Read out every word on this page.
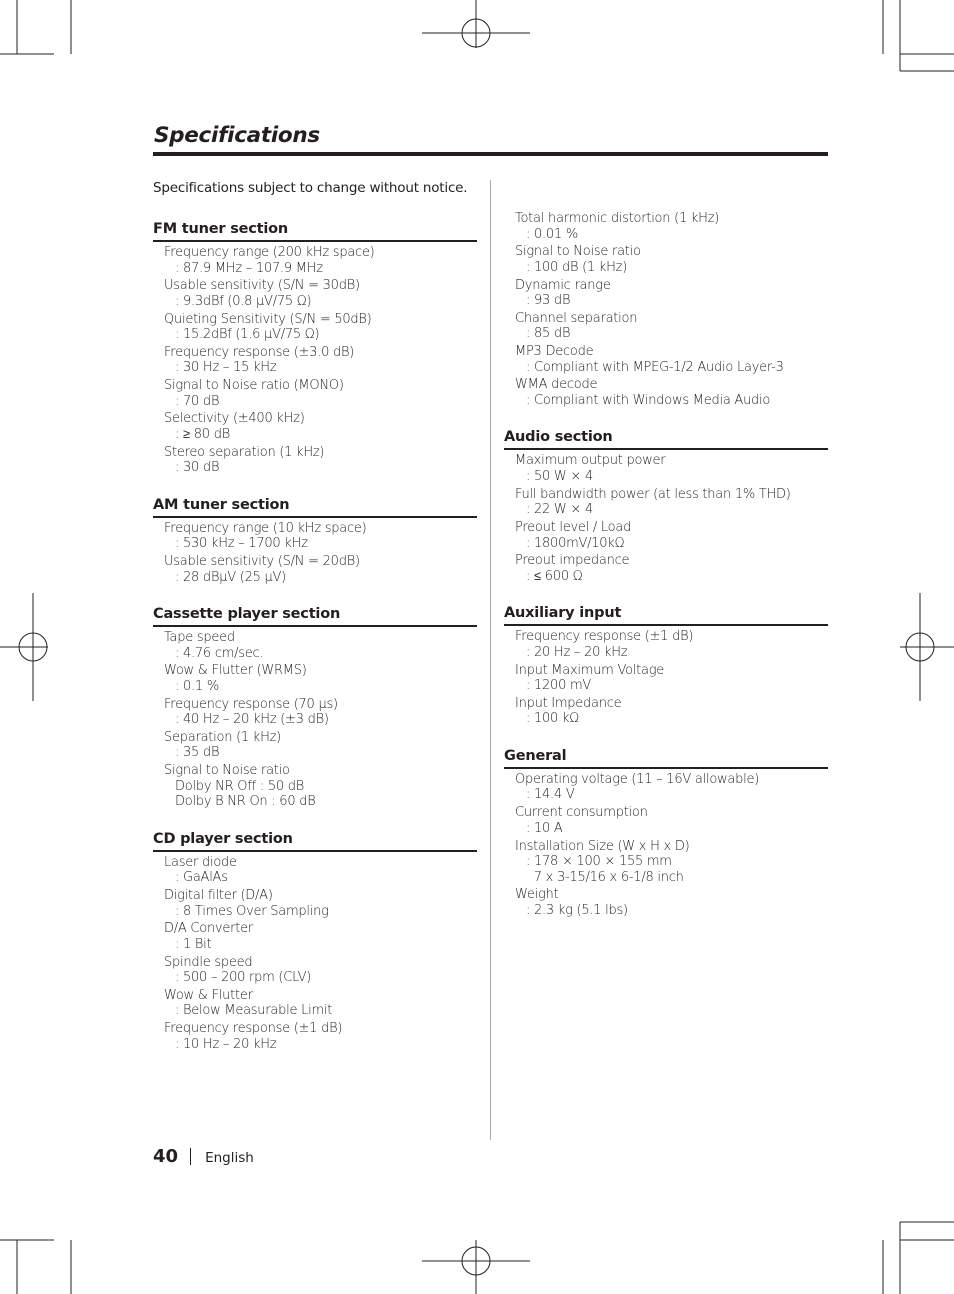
Specifications
Specifications subject to change without notice.
FM tuner section
Frequency range (200 kHz space)
: 87.9 MHz – 107.9 MHz
Usable sensitivity (S/N = 30dB)
: 9.3dBf (0.8 μV/75 Ω)
Quieting Sensitivity (S/N = 50dB)
: 15.2dBf (1.6 μV/75 Ω)
Frequency response (±3.0 dB)
: 30 Hz – 15 kHz
Signal to Noise ratio (MONO)
: 70 dB
Selectivity (±400 kHz)
: ≥ 80 dB
Stereo separation (1 kHz)
: 30 dB
AM tuner section
Frequency range (10 kHz space)
: 530 kHz – 1700 kHz
Usable sensitivity (S/N = 20dB)
: 28 dBμV (25 μV)
Cassette player section
Tape speed
: 4.76 cm/sec.
Wow & Flutter (WRMS)
: 0.1 %
Frequency response (70 μs)
: 40 Hz – 20 kHz (±3 dB)
Separation (1 kHz)
: 35 dB
Signal to Noise ratio
Dolby NR Off : 50 dB
Dolby B NR On : 60 dB
CD player section
Laser diode
: GaAlAs
Digital filter (D/A)
: 8 Times Over Sampling
D/A Converter
: 1 Bit
Spindle speed
: 500 – 200 rpm (CLV)
Wow & Flutter
: Below Measurable Limit
Frequency response (±1 dB)
: 10 Hz – 20 kHz
Total harmonic distortion (1 kHz)
: 0.01 %
Signal to Noise ratio
: 100 dB (1 kHz)
Dynamic range
: 93 dB
Channel separation
: 85 dB
MP3 Decode
: Compliant with MPEG-1/2 Audio Layer-3
WMA decode
: Compliant with Windows Media Audio
Audio section
Maximum output power
: 50 W × 4
Full bandwidth power (at less than 1% THD)
: 22 W × 4
Preout level / Load
: 1800mV/10kΩ
Preout impedance
: ≤ 600 Ω
Auxiliary input
Frequency response (±1 dB)
: 20 Hz – 20 kHz
Input Maximum Voltage
: 1200 mV
Input Impedance
: 100 kΩ
General
Operating voltage (11 – 16V allowable)
: 14.4 V
Current consumption
: 10 A
Installation Size (W x H x D)
: 178 × 100 × 155 mm
7 x 3-15/16 x 6-1/8 inch
Weight
: 2.3 kg (5.1 lbs)
40 English
